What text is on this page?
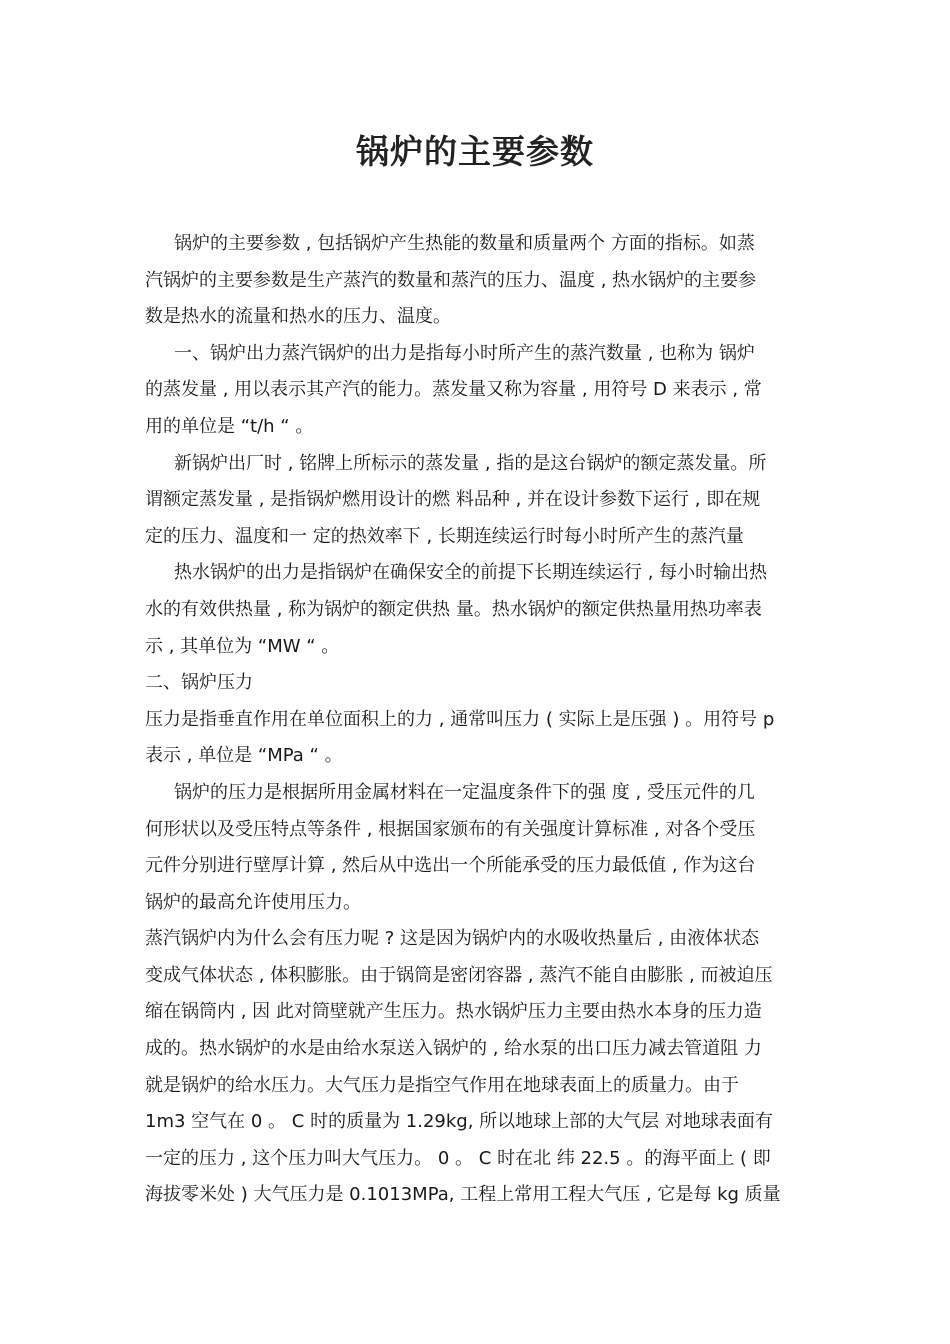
锅炉的主要参数
锅炉的主要参数 , 包括锅炉产生热能的数量和质量两个 方面的指标。如蒸
汽锅炉的主要参数是生产蒸汽的数量和蒸汽的压力、温度 , 热水锅炉的主要参
数是热水的流量和热水的压力、温度。
一、锅炉出力蒸汽锅炉的出力是指每小时所产生的蒸汽数量 , 也称为 锅炉
的蒸发量 , 用以表示其产汽的能力。蒸发量又称为容量 , 用符号 D 来表示 , 常
用的单位是 “t/h “ 。
新锅炉出厂时 , 铭牌上所标示的蒸发量 , 指的是这台锅炉的额定蒸发量。所
谓额定蒸发量 , 是指锅炉燃用设计的燃 料品种 , 并在设计参数下运行 , 即在规
定的压力、温度和一 定的热效率下 , 长期连续运行时每小时所产生的蒸汽量
热水锅炉的出力是指锅炉在确保安全的前提下长期连续运行 , 每小时输出热
水的有效供热量 , 称为锅炉的额定供热 量。热水锅炉的额定供热量用热功率表
示 , 其单位为 “MW “ 。
二、锅炉压力
压力是指垂直作用在单位面积上的力 , 通常叫压力 ( 实际上是压强 ) 。用符号 p
表示 , 单位是 “MPa “ 。
锅炉的压力是根据所用金属材料在一定温度条件下的强 度 , 受压元件的几
何形状以及受压特点等条件 , 根据国家颁布的有关强度计算标准 , 对各个受压
元件分别进行壁厚计算 , 然后从中选出一个所能承受的压力最低值 , 作为这台
锅炉的最高允许使用压力。
蒸汽锅炉内为什么会有压力呢 ? 这是因为锅炉内的水吸收热量后 , 由液体状态
变成气体状态 , 体积膨胀。由于锅筒是密闭容器 , 蒸汽不能自由膨胀 , 而被迫压
缩在锅筒内 , 因 此对筒壁就产生压力。热水锅炉压力主要由热水本身的压力造
成的。热水锅炉的水是由给水泵送入锅炉的 , 给水泵的出口压力减去管道阻 力
就是锅炉的给水压力。大气压力是指空气作用在地球表面上的质量力。由于
1m3 空气在 0 。 C 时的质量为 1.29kg, 所以地球上部的大气层 对地球表面有
一定的压力 , 这个压力叫大气压力。 0 。 C 时在北 纬 22.5 。的海平面上 ( 即
海拔零米处 ) 大气压力是 0.1013MPa, 工程上常用工程大气压 , 它是每 kg 质量
